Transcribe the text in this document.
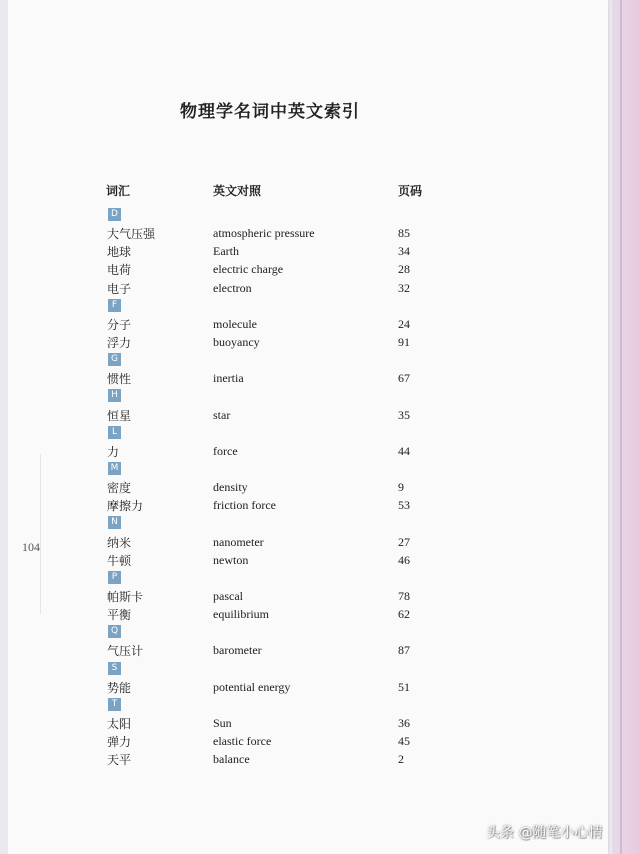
物理学名词中英文索引
词汇	英文对照	页码
D
大气压强	atmospheric pressure	85
地球	Earth	34
电荷	electric charge	28
电子	electron	32
F
分子	molecule	24
浮力	buoyancy	91
G
惯性	inertia	67
H
恒星	star	35
L
力	force	44
M
密度	density	9
摩擦力	friction force	53
N
纳米	nanometer	27
牛顿	newton	46
P
帕斯卡	pascal	78
平衡	equilibrium	62
Q
气压计	barometer	87
S
势能	potential energy	51
T
太阳	Sun	36
弹力	elastic force	45
天平	balance	2
104
头条 @随笔小心情
